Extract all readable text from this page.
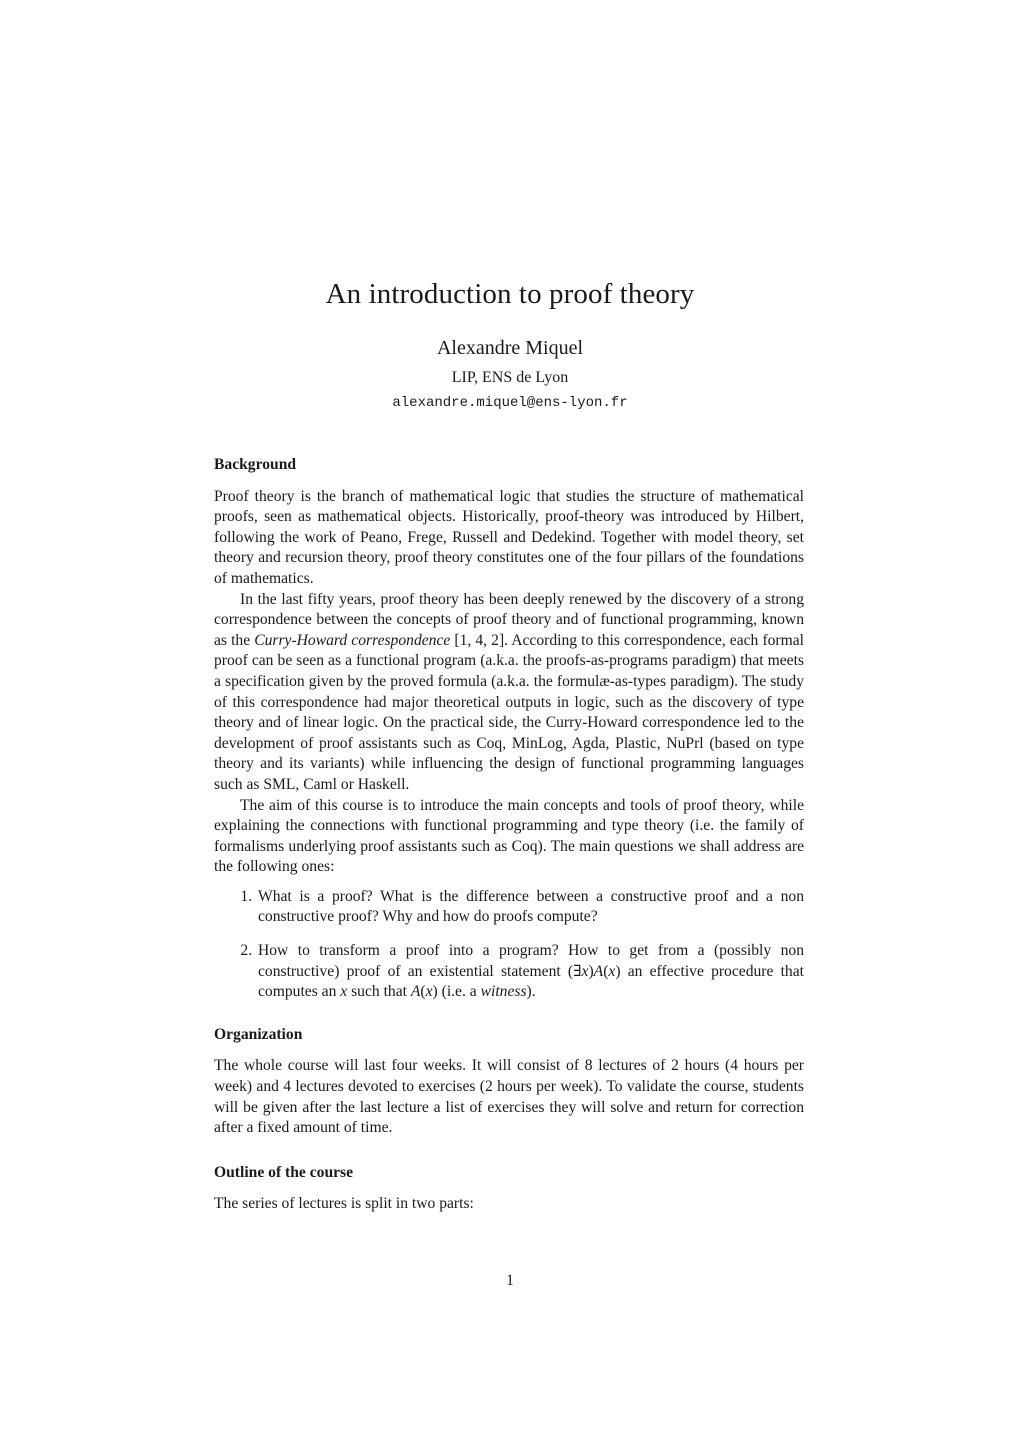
An introduction to proof theory
Alexandre Miquel
LIP, ENS de Lyon
alexandre.miquel@ens-lyon.fr
Background

Proof theory is the branch of mathematical logic that studies the structure of mathematical proofs, seen as mathematical objects. Historically, proof-theory was introduced by Hilbert, following the work of Peano, Frege, Russell and Dedekind. Together with model theory, set theory and recursion theory, proof theory constitutes one of the four pillars of the foundations of mathematics.

In the last fifty years, proof theory has been deeply renewed by the discovery of a strong correspondence between the concepts of proof theory and of functional programming, known as the Curry-Howard correspondence [1, 4, 2]. According to this correspondence, each formal proof can be seen as a functional program (a.k.a. the proofs-as-programs paradigm) that meets a specification given by the proved formula (a.k.a. the formulæ-as-types paradigm). The study of this correspondence had major theoretical outputs in logic, such as the discovery of type theory and of linear logic. On the practical side, the Curry-Howard correspondence led to the development of proof assistants such as Coq, MinLog, Agda, Plastic, NuPrl (based on type theory and its variants) while influencing the design of functional programming languages such as SML, Caml or Haskell.

The aim of this course is to introduce the main concepts and tools of proof theory, while explaining the connections with functional programming and type theory (i.e. the family of formalisms underlying proof assistants such as Coq). The main questions we shall address are the following ones:

1. What is a proof? What is the difference between a constructive proof and a non constructive proof? Why and how do proofs compute?
2. How to transform a proof into a program? How to get from a (possibly non constructive) proof of an existential statement (∃x)A(x) an effective procedure that computes an x such that A(x) (i.e. a witness).
Organization

The whole course will last four weeks. It will consist of 8 lectures of 2 hours (4 hours per week) and 4 lectures devoted to exercises (2 hours per week). To validate the course, students will be given after the last lecture a list of exercises they will solve and return for correction after a fixed amount of time.

Outline of the course

The series of lectures is split in two parts:

1
